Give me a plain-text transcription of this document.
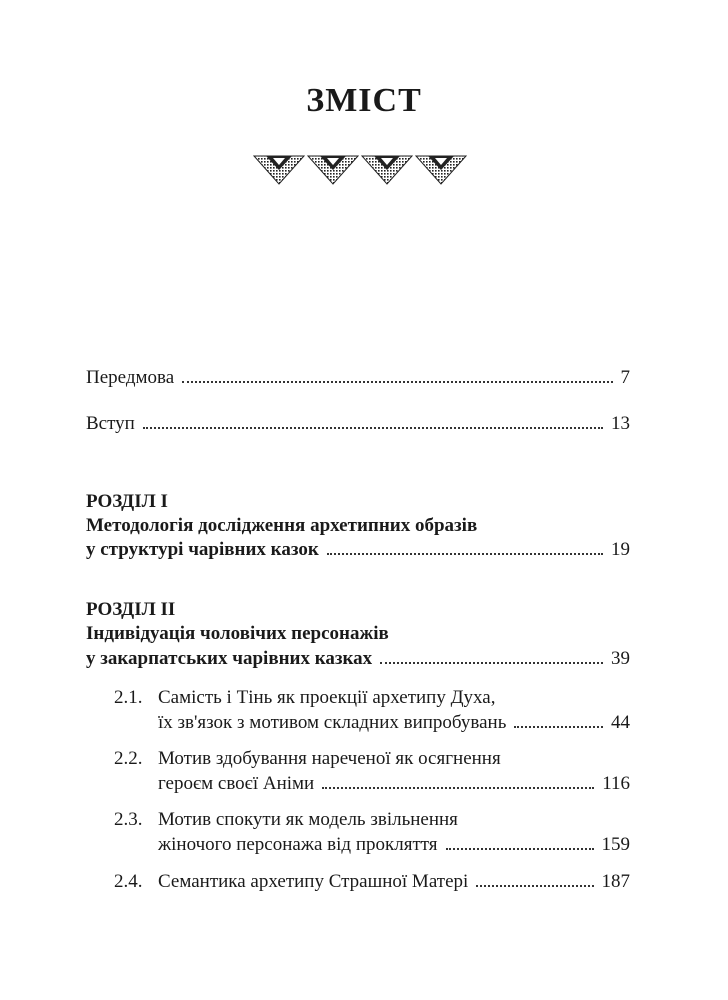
ЗМІСТ
Передмова	7
Вступ	13
РОЗДІЛ І
Методологія дослідження архетипних образів
у структурі чарівних казок	19
РОЗДІЛ ІІ
Індивідуація чоловічих персонажів
у закарпатських чарівних казках	39
2.1. Самість і Тінь як проекції архетипу Духа,
їх зв'язок з мотивом складних випробувань	44
2.2. Мотив здобування нареченої як осягнення
героєм своєї Аніми	116
2.3. Мотив спокути як модель звільнення
жіночого персонажа від прокляття	159
2.4. Семантика архетипу Страшної Матері	187
